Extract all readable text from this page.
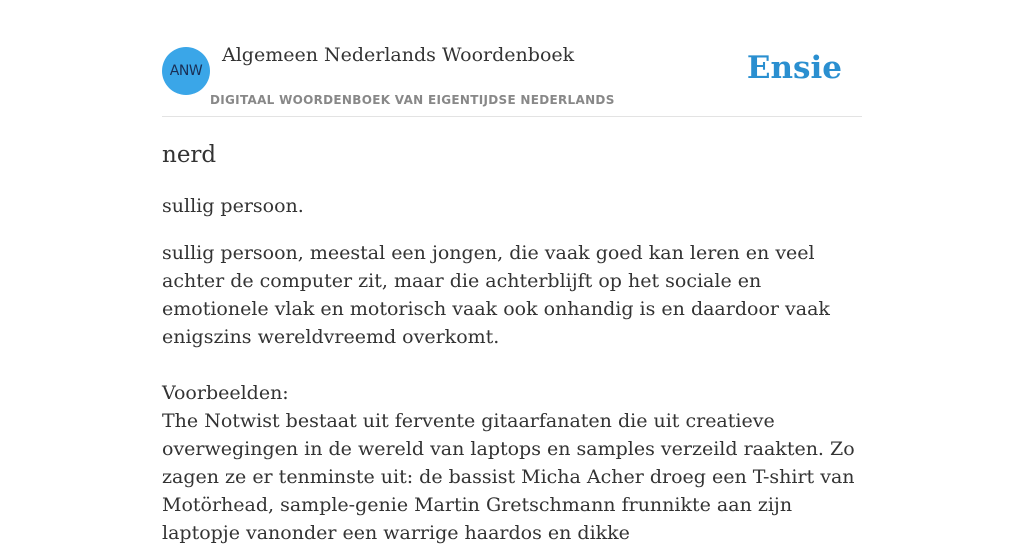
ANW
Algemeen Nederlands Woordenboek
DIGITAAL WOORDENBOEK VAN EIGENTIJDSE NEDERLANDS
Ensie
nerd

sullig persoon.

sullig persoon, meestal een jongen, die vaak goed kan leren en veel achter de computer zit, maar die achterblijft op het sociale en emotionele vlak en motorisch vaak ook onhandig is en daardoor vaak enigszins wereldvreemd overkomt.

Voorbeelden:

The Notwist bestaat uit fervente gitaarfanaten die uit creatieve overwegingen in de wereld van laptops en samples verzeild raakten. Zo zagen ze er tenminste uit: de bassist Micha Acher droeg een T-shirt van Motörhead, sample-genie Martin Gretschmann frunnikte aan zijn laptopje vanonder een warrige haardos en dikke
